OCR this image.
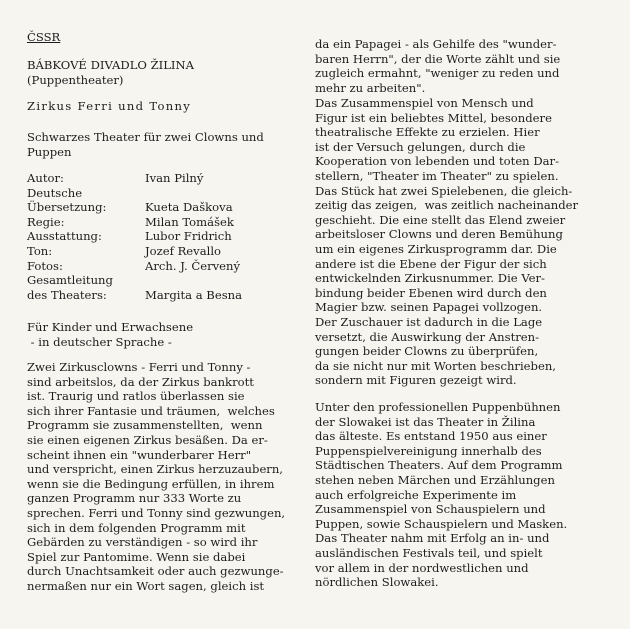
ČSSR
BÁBKOVÉ DIVADLO ŽILINA
(Puppentheater)
Zirkus Ferri und Tonny
Schwarzes Theater für zwei Clowns und
Puppen
Autor:	Ivan Pilný
Deutsche
Übersetzung:	Kueta Daškova
Regie:	Milan Tomášek
Ausstattung:	Lubor Fridrich
Ton:	Jozef Revallo
Fotos:	Arch. J. Červený
Gesamtleitung
des Theaters:	Margita a Besna
Für Kinder und Erwachsene
- in deutscher Sprache -
Zwei Zirkusclowns - Ferri und Tonny -
sind arbeitslos, da der Zirkus bankrott
ist. Traurig und ratlos überlassen sie
sich ihrer Fantasie und träumen,  welches
Programm sie zusammenstellten,  wenn
sie einen eigenen Zirkus besäßen. Da er-
scheint ihnen ein "wunderbarer Herr"
und verspricht, einen Zirkus herzuzaubern,
wenn sie die Bedingung erfüllen, in ihrem
ganzen Programm nur 333 Worte zu
sprechen. Ferri und Tonny sind gezwungen,
sich in dem folgenden Programm mit
Gebärden zu verständigen - so wird ihr
Spiel zur Pantomime. Wenn sie dabei
durch Unachtsamkeit oder auch gezwunge-
nermaßen nur ein Wort sagen, gleich ist
da ein Papagei - als Gehilfe des "wunder-
baren Herrn", der die Worte zählt und sie
zugleich ermahnt, "weniger zu reden und
mehr zu arbeiten".
Das Zusammenspiel von Mensch und
Figur ist ein beliebtes Mittel, besondere
theatralische Effekte zu erzielen. Hier
ist der Versuch gelungen, durch die
Kooperation von lebenden und toten Dar-
stellern, "Theater im Theater" zu spielen.
Das Stück hat zwei Spielebenen, die gleich-
zeitig das zeigen,  was zeitlich nacheinander
geschieht. Die eine stellt das Elend zweier
arbeitsloser Clowns und deren Bemühung
um ein eigenes Zirkusprogramm dar. Die
andere ist die Ebene der Figur der sich
entwickelnden Zirkusnummer. Die Ver-
bindung beider Ebenen wird durch den
Magier bzw. seinen Papagei vollzogen.
Der Zuschauer ist dadurch in die Lage
versetzt, die Auswirkung der Anstren-
gungen beider Clowns zu überprüfen,
da sie nicht nur mit Worten beschrieben,
sondern mit Figuren gezeigt wird.
Unter den professionellen Puppenbühnen
der Slowakei ist das Theater in Žilina
das älteste. Es entstand 1950 aus einer
Puppenspielvereinigung innerhalb des
Städtischen Theaters. Auf dem Programm
stehen neben Märchen und Erzählungen
auch erfolgreiche Experimente im
Zusammenspiel von Schauspielern und
Puppen, sowie Schauspielern und Masken.
Das Theater nahm mit Erfolg an in- und
ausländischen Festivals teil, und spielt
vor allem in der nordwestlichen und
nördlichen Slowakei.
